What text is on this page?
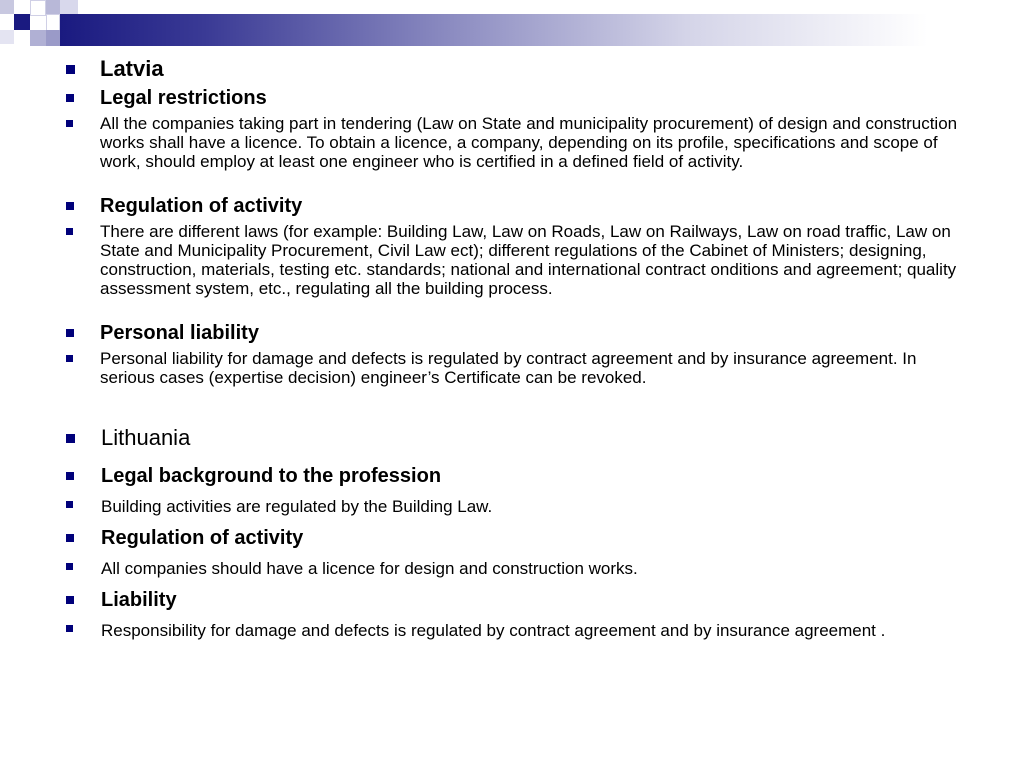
Latvia
Legal restrictions
All the companies taking part in tendering (Law on State and municipality procurement) of design and construction works shall have a licence. To obtain a licence, a company, depending on its profile, specifications and scope of work, should employ at least one engineer who is certified in a defined field of activity.
Regulation of activity
There are different laws (for example: Building Law, Law on Roads, Law on Railways, Law on road traffic, Law on State and Municipality Procurement, Civil Law ect); different regulations of the Cabinet of Ministers; designing, construction, materials, testing etc. standards; national and international contract onditions and agreement; quality assessment system, etc., regulating all the building process.
Personal liability
Personal liability for damage and defects is regulated by contract agreement and by insurance agreement. In serious cases (expertise decision) engineer’s Certificate can be revoked.
Lithuania
Legal background to the profession
Building activities are regulated by the Building Law.
Regulation of activity
All companies should have a licence for design and construction works.
Liability
Responsibility for damage and defects is regulated by contract agreement and by insurance agreement .
